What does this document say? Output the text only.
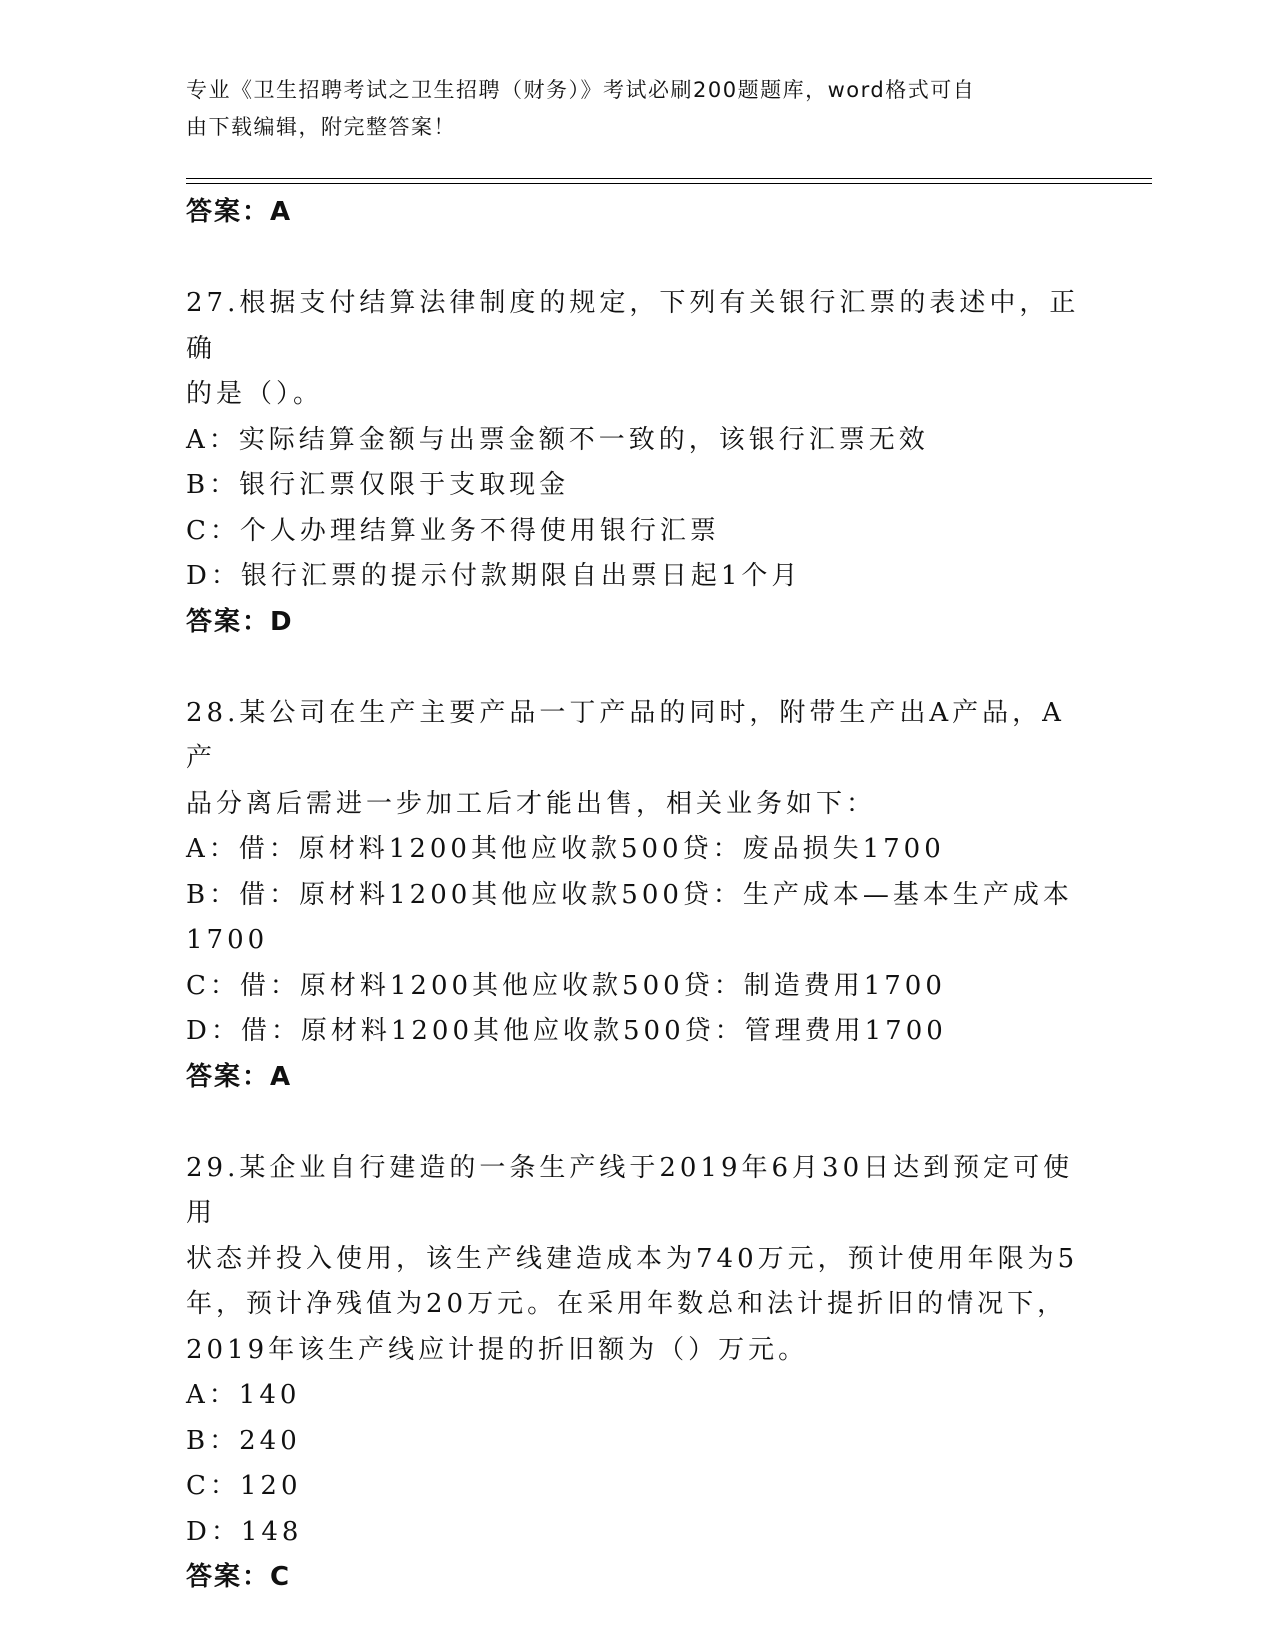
专业《卫生招聘考试之卫生招聘（财务）》考试必刷200题题库，word格式可自
由下载编辑，附完整答案！
答案：A
27.根据支付结算法律制度的规定，下列有关银行汇票的表述中，正确
的是（）。
A：实际结算金额与出票金额不一致的，该银行汇票无效
B：银行汇票仅限于支取现金
C：个人办理结算业务不得使用银行汇票
D：银行汇票的提示付款期限自出票日起1个月
答案：D
28.某公司在生产主要产品一丁产品的同时，附带生产出A产品，A产
品分离后需进一步加工后才能出售，相关业务如下：
A：借：原材料1200其他应收款500贷：废品损失1700
B：借：原材料1200其他应收款500贷：生产成本—基本生产成本
1700
C：借：原材料1200其他应收款500贷：制造费用1700
D：借：原材料1200其他应收款500贷：管理费用1700
答案：A
29.某企业自行建造的一条生产线于2019年6月30日达到预定可使用
状态并投入使用，该生产线建造成本为740万元，预计使用年限为5
年，预计净残值为20万元。在采用年数总和法计提折旧的情况下，
2019年该生产线应计提的折旧额为（）万元。
A：140
B：240
C：120
D：148
答案：C
